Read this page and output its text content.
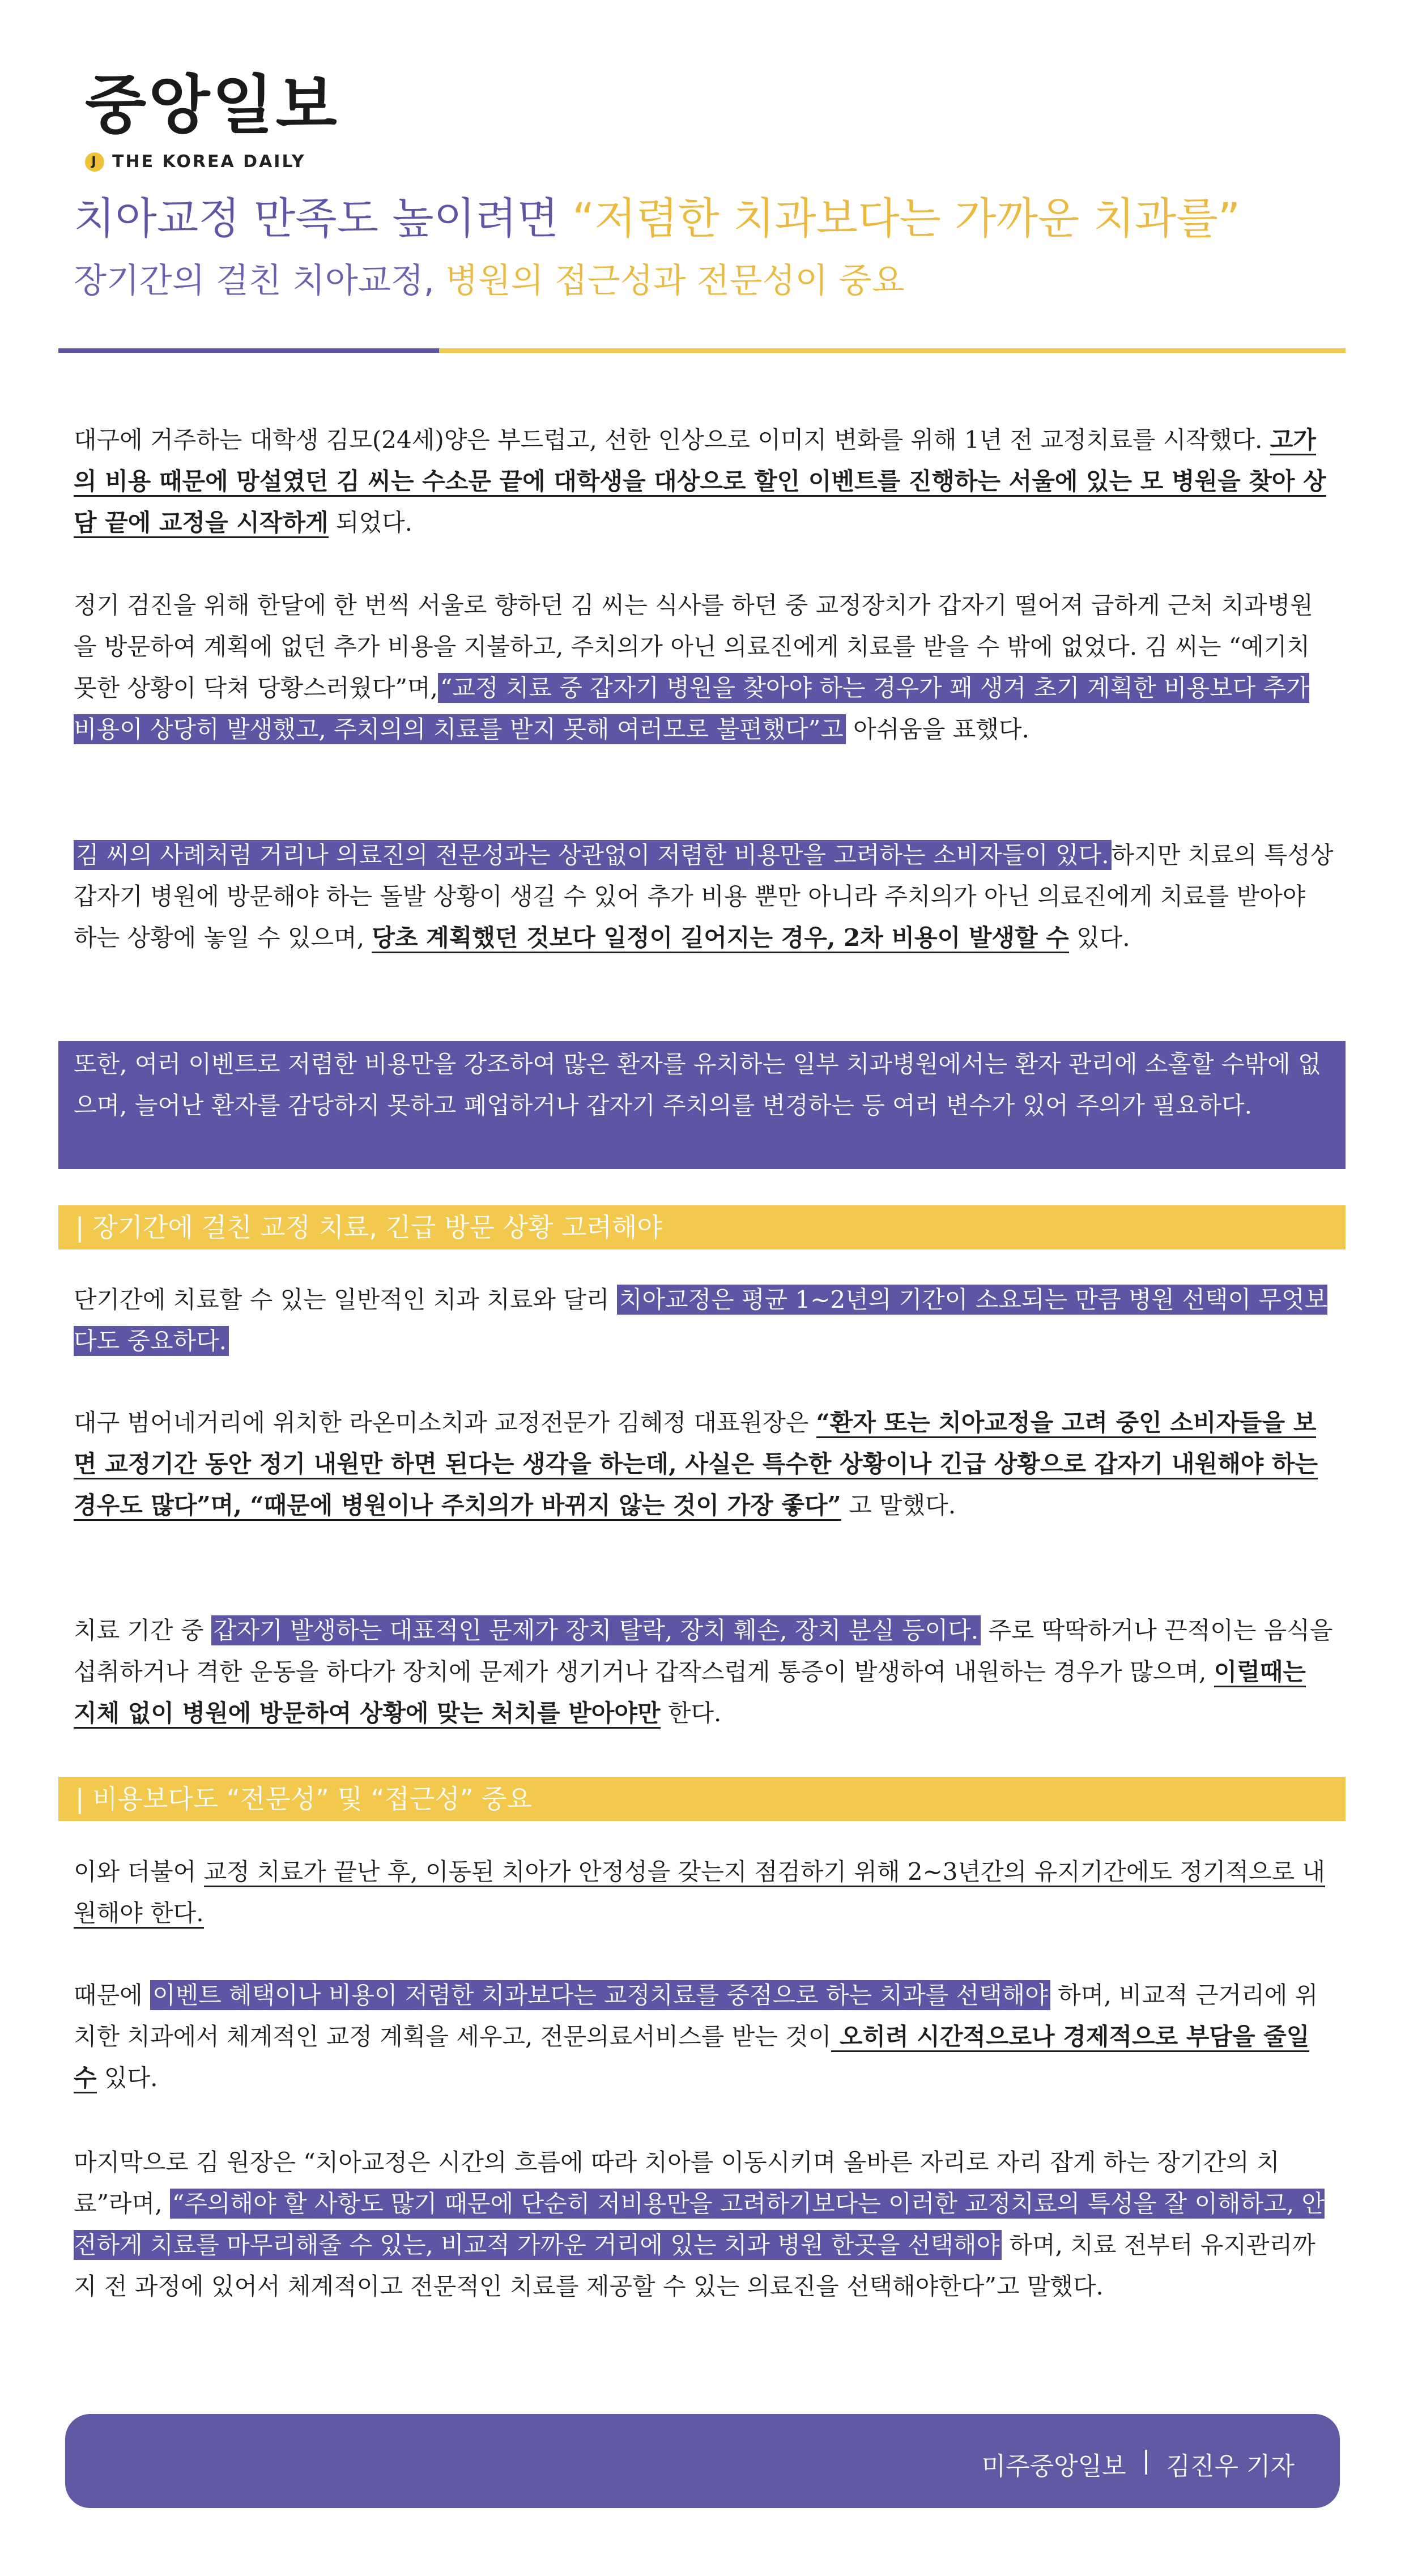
중앙일보
J THE KOREA DAILY
치아교정 만족도 높이려면 “저렴한 치과보다는 가까운 치과를”
장기간의 걸친 치아교정, 병원의 접근성과 전문성이 중요
대구에 거주하는 대학생 김모(24세)양은 부드럽고, 선한 인상으로 이미지 변화를 위해 1년 전 교정치료를 시작했다. 고가의 비용 때문에 망설였던 김 씨는 수소문 끝에 대학생을 대상으로 할인 이벤트를 진행하는 서울에 있는 모 병원을 찾아 상담 끝에 교정을 시작하게 되었다.
정기 검진을 위해 한달에 한 번씩 서울로 향하던 김 씨는 식사를 하던 중 교정장치가 갑자기 떨어져 급하게 근처 치과병원을 방문하여 계획에 없던 추가 비용을 지불하고, 주치의가 아닌 의료진에게 치료를 받을 수 밖에 없었다. 김 씨는 “예기치 못한 상황이 닥쳐 당황스러웠다”며,“교정 치료 중 갑자기 병원을 찾아야 하는 경우가 꽤 생겨 초기 계획한 비용보다 추가 비용이 상당히 발생했고, 주치의의 치료를 받지 못해 여러모로 불편했다”고 아쉬움을 표했다.
김 씨의 사례처럼 거리나 의료진의 전문성과는 상관없이 저렴한 비용만을 고려하는 소비자들이 있다.하지만 치료의 특성상 갑자기 병원에 방문해야 하는 돌발 상황이 생길 수 있어 추가 비용 뿐만 아니라 주치의가 아닌 의료진에게 치료를 받아야 하는 상황에 놓일 수 있으며, 당초 계획했던 것보다 일정이 길어지는 경우, 2차 비용이 발생할 수 있다.
또한, 여러 이벤트로 저렴한 비용만을 강조하여 많은 환자를 유치하는 일부 치과병원에서는 환자 관리에 소홀할 수밖에 없으며, 늘어난 환자를 감당하지 못하고 폐업하거나 갑자기 주치의를 변경하는 등 여러 변수가 있어 주의가 필요하다.
| 장기간에 걸친 교정 치료, 긴급 방문 상황 고려해야
단기간에 치료할 수 있는 일반적인 치과 치료와 달리 치아교정은 평균 1~2년의 기간이 소요되는 만큼 병원 선택이 무엇보다도 중요하다.
대구 범어네거리에 위치한 라온미소치과 교정전문가 김혜정 대표원장은 “환자 또는 치아교정을 고려 중인 소비자들을 보면 교정기간 동안 정기 내원만 하면 된다는 생각을 하는데, 사실은 특수한 상황이나 긴급 상황으로 갑자기 내원해야 하는 경우도 많다”며, “때문에 병원이나 주치의가 바뀌지 않는 것이 가장 좋다” 고 말했다.
치료 기간 중 갑자기 발생하는 대표적인 문제가 장치 탈락, 장치 훼손, 장치 분실 등이다. 주로 딱딱하거나 끈적이는 음식을 섭취하거나 격한 운동을 하다가 장치에 문제가 생기거나 갑작스럽게 통증이 발생하여 내원하는 경우가 많으며, 이럴때는 지체 없이 병원에 방문하여 상황에 맞는 처치를 받아야만 한다.
| 비용보다도 “전문성” 및 “접근성” 중요
이와 더불어 교정 치료가 끝난 후, 이동된 치아가 안정성을 갖는지 점검하기 위해 2~3년간의 유지기간에도 정기적으로 내원해야 한다.
때문에 이벤트 혜택이나 비용이 저렴한 치과보다는 교정치료를 중점으로 하는 치과를 선택해야 하며, 비교적 근거리에 위치한 치과에서 체계적인 교정 계획을 세우고, 전문의료서비스를 받는 것이 오히려 시간적으로나 경제적으로 부담을 줄일 수 있다.
마지막으로 김 원장은 “치아교정은 시간의 흐름에 따라 치아를 이동시키며 올바른 자리로 자리 잡게 하는 장기간의 치료”라며, “주의해야 할 사항도 많기 때문에 단순히 저비용만을 고려하기보다는 이러한 교정치료의 특성을 잘 이해하고, 안전하게 치료를 마무리해줄 수 있는, 비교적 가까운 거리에 있는 치과 병원 한곳을 선택해야 하며, 치료 전부터 유지관리까지 전 과정에 있어서 체계적이고 전문적인 치료를 제공할 수 있는 의료진을 선택해야한다”고 말했다.
미주중앙일보 | 김진우 기자
